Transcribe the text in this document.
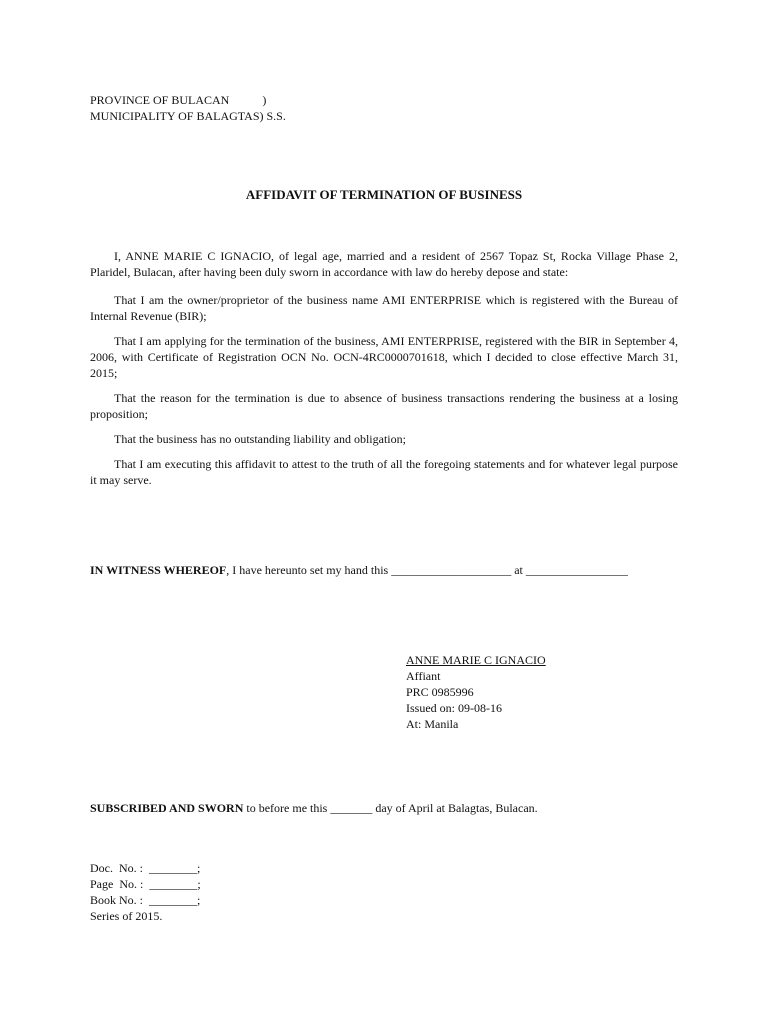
PROVINCE OF BULACAN           )
MUNICIPALITY OF BALAGTAS) S.S.
AFFIDAVIT OF TERMINATION OF BUSINESS

I, ANNE MARIE C IGNACIO, of legal age, married and a resident of 2567 Topaz St, Rocka Village Phase 2, Plaridel, Bulacan, after having been duly sworn in accordance with law do hereby depose and state:

That I am the owner/proprietor of the business name AMI ENTERPRISE which is registered with the Bureau of Internal Revenue (BIR);

That I am applying for the termination of the business, AMI ENTERPRISE, registered with the BIR in September 4, 2006, with Certificate of Registration OCN No. OCN-4RC0000701618, which I decided to close effective March 31, 2015;

That the reason for the termination is due to absence of business transactions rendering the business at a losing proposition;

That the business has no outstanding liability and obligation;

That I am executing this affidavit to attest to the truth of all the foregoing statements and for whatever legal purpose it may serve.

IN WITNESS WHEREOF, I have hereunto set my hand this ____________________ at _________________
ANNE MARIE C IGNACIO
Affiant
PRC 0985996
Issued on: 09-08-16
At: Manila
SUBSCRIBED AND SWORN to before me this _______ day of April at Balagtas, Bulacan.
Doc.  No. :  ________;
Page  No. :  ________;
Book No. :  ________;
Series of 2015.
